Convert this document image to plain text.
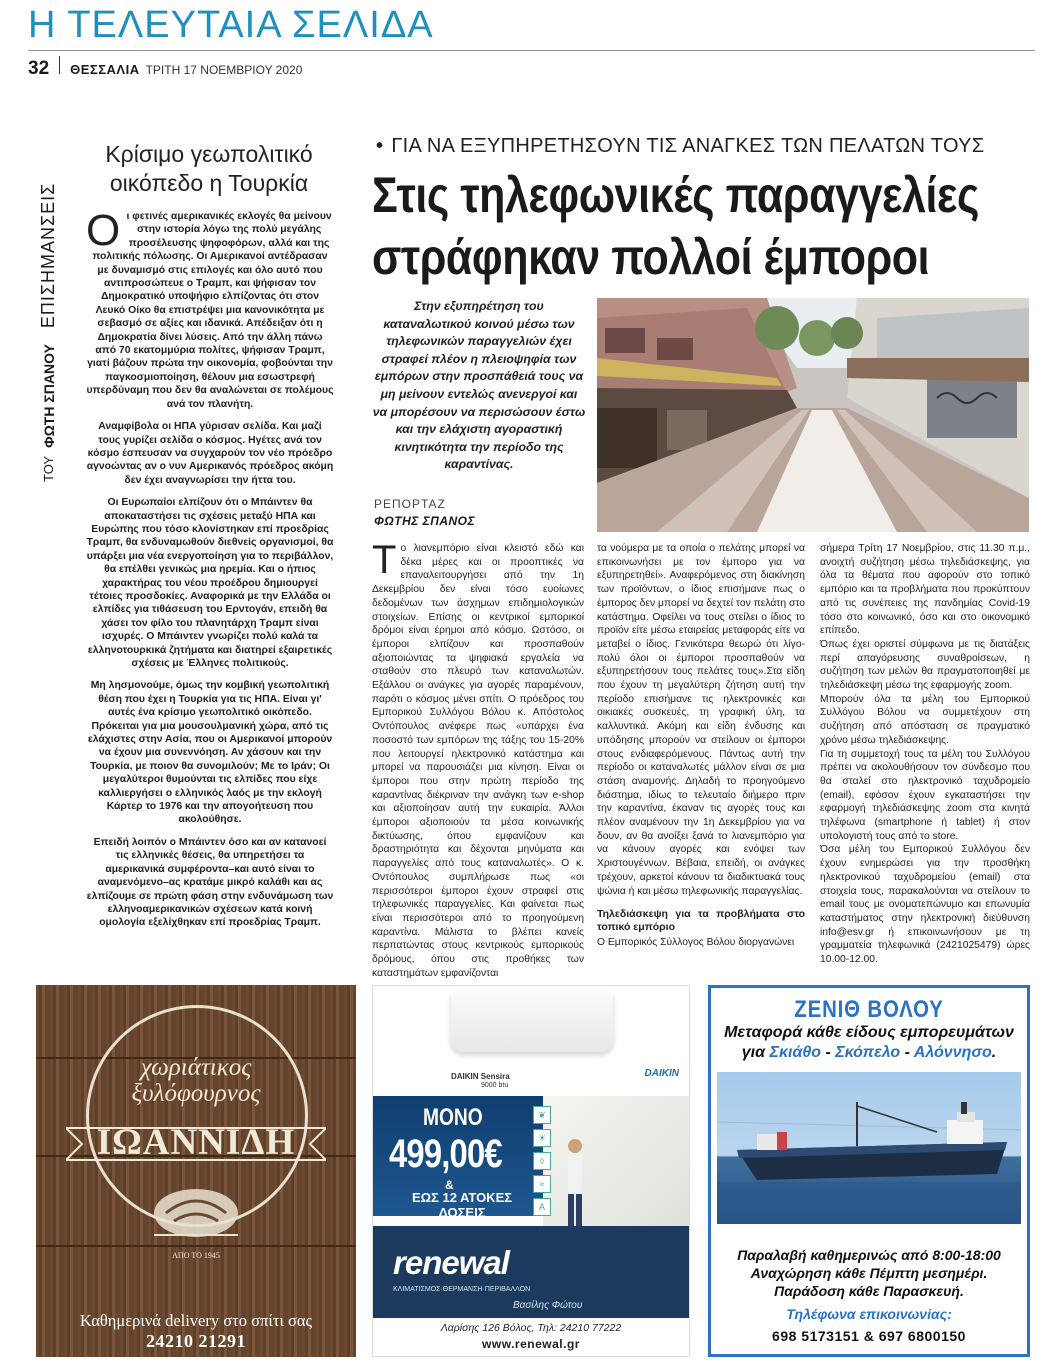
Η ΤΕΛΕΥΤΑΙΑ ΣΕΛΙΔΑ
32 ΘΕΣΣΑΛΙΑ ΤΡΙΤΗ 17 ΝΟΕΜΒΡΙΟΥ 2020
ΤΟΥ
ΦΩΤΗ ΣΠΑΝΟΥ
ΕΠΙΣΗΜΑΝΣΕΙΣ
Κρίσιμο γεωπολιτικό
οικόπεδο η Τουρκία

Οι φετινές αμερικανικές εκλογές θα μείνουν στην ιστορία λόγω της πολύ μεγάλης προσέλευσης ψηφοφόρων, αλλά και της πολιτικής πόλωσης. Οι Αμερικανοί αντέδρασαν με δυναμισμό στις επιλογές και όλο αυτό που αντιπροσώπευε ο Τραμπ, και ψήφισαν τον Δημοκρατικό υποψήφιο ελπίζοντας ότι στον Λευκό Οίκο θα επιστρέψει μια κανονικότητα με σεβασμό σε αξίες και ιδανικά. Απέδειξαν ότι η Δημοκρατία δίνει λύσεις. Από την άλλη πάνω από 70 εκατομμύρια πολίτες, ψήφισαν Τραμπ, γιατί βάζουν πρώτα την οικονομία, φοβούνται την παγκοσμιοποίηση, θέλουν μια εσωστρεφή υπερδύναμη που δεν θα αναλώνεται σε πολέμους ανά τον πλανήτη.

Αναμφίβολα οι ΗΠΑ γύρισαν σελίδα. Και μαζί τους γυρίζει σελίδα ο κόσμος. Ηγέτες ανά τον κόσμο έσπευσαν να συγχαρούν τον νέο πρόεδρο αγνοώντας αν ο νυν Αμερικανός πρόεδρος ακόμη δεν έχει αναγνωρίσει την ήττα του.

Οι Ευρωπαίοι ελπίζουν ότι ο Μπάιντεν θα αποκαταστήσει τις σχέσεις μεταξύ ΗΠΑ και Ευρώπης που τόσο κλονίστηκαν επί προεδρίας Τραμπ, θα ενδυναμωθούν διεθνείς οργανισμοί, θα υπάρξει μια νέα ενεργοποίηση για το περιβάλλον, θα επέλθει γενικώς μια ηρεμία. Και ο ήπιος χαρακτήρας του νέου προέδρου δημιουργεί τέτοιες προσδοκίες. Αναφορικά με την Ελλάδα οι ελπίδες για τιθάσευση του Ερντογάν, επειδή θα χάσει τον φίλο του πλανητάρχη Τραμπ είναι ισχυρές. Ο Μπάιντεν γνωρίζει πολύ καλά τα ελληνοτουρκικά ζητήματα και διατηρεί εξαιρετικές σχέσεις με Έλληνες πολιτικούς.

Μη λησμονούμε, όμως την κομβική γεωπολιτική θέση που έχει η Τουρκία για τις ΗΠΑ. Είναι γι' αυτές ένα κρίσιμο γεωπολιτικό οικόπεδο. Πρόκειται για μια μουσουλμανική χώρα, από τις ελάχιστες στην Ασία, που οι Αμερικανοί μπορούν να έχουν μια συνεννόηση. Αν χάσουν και την Τουρκία, με ποιον θα συνομιλούν; Με το Ιράν; Οι μεγαλύτεροι θυμούνται τις ελπίδες που είχε καλλιεργήσει ο ελληνικός λαός με την εκλογή Κάρτερ το 1976 και την απογοήτευση που ακολούθησε.

Επειδή λοιπόν ο Μπάιντεν όσο και αν κατανοεί τις ελληνικές θέσεις, θα υπηρετήσει τα αμερικανικά συμφέροντα–και αυτό είναι το αναμενόμενο–ας κρατάμε μικρό καλάθι και ας ελπίζουμε σε πρώτη φάση στην ενδυνάμωση των ελληνοαμερικανικών σχέσεων κατά κοινή ομολογία εξελίχθηκαν επί προεδρίας Τραμπ.

• ΓΙΑ ΝΑ ΕΞΥΠΗΡΕΤΗΣΟΥΝ ΤΙΣ ΑΝΑΓΚΕΣ ΤΩΝ ΠΕΛΑΤΩΝ ΤΟΥΣ
Στις τηλεφωνικές παραγγελίες
στράφηκαν πολλοί έμποροι
Στην εξυπηρέτηση του καταναλωτικού κοινού μέσω των τηλεφωνικών παραγγελιών έχει στραφεί πλέον η πλειοψηφία των εμπόρων στην προσπάθειά τους να μη μείνουν εντελώς ανενεργοί και να μπορέσουν να περισώσουν έστω και την ελάχιστη αγοραστική κινητικότητα την περίοδο της καραντίνας.
ΡΕΠΟΡΤΑΖ
ΦΩΤΗΣ ΣΠΑΝΟΣ
Το λιανεμπόριο είναι κλειστό εδώ και δέκα μέρες και οι προοπτικές να επαναλειτουργήσει από την 1η Δεκεμβρίου δεν είναι τόσο ευοίωνες δεδομένων των άσχημων επιδημιολογικών στοιχείων. Επίσης οι κεντρικοί εμπορικοί δρόμοι είναι έρημοι από κόσμο. Ωστόσο, οι έμποροι ελπίζουν και προσπαθούν αξιοποιώντας τα ψηφιακά εργαλεία να σταθούν στο πλευρό των καταναλωτών. Εξάλλου οι ανάγκες για αγορές παραμένουν, παρότι ο κόσμος μένει σπίτι. Ο πρόεδρος του Εμπορικού Συλλόγου Βόλου κ. Απόστολος Οντόπουλος ανέφερε πως «υπάρχει ένα ποσοστό των εμπόρων της τάξης του 15-20% που λειτουργεί ηλεκτρονικό κατάστημα και μπορεί να παρουσιάζει μια κίνηση. Είναι οι έμποροι που στην πρώτη περίοδο της καραντίνας διέκριναν την ανάγκη των e-shop και αξιοποίησαν αυτή την ευκαιρία. Άλλοι έμποροι αξιοποιούν τα μέσα κοινωνικής δικτύωσης, όπου εμφανίζουν και δραστηριότητα και δέχονται μηνύματα και παραγγελίες από τους καταναλωτές». Ο κ. Οντόπουλος συμπλήρωσε πως «οι περισσότεροι έμποροι έχουν στραφεί στις τηλεφωνικές παραγγελίες. Και φαίνεται πως είναι περισσότεροι από το προηγούμενη καραντίνα. Μάλιστα το βλέπει κανείς περπατώντας στους κεντρικούς εμπορικούς δρόμους, όπου στις προθήκες των καταστημάτων εμφανίζονται
τα νούμερα με τα οποία ο πελάτης μπορεί να επικοινωνήσει με τον έμπορο για να εξυπηρετηθεί». Αναφερόμενος στη διακίνηση των προϊόντων, ο ίδιος επισήμανε πως ο έμπορος δεν μπορεί να δεχτεί τον πελάτη στο κατάστημα. Οφείλει να τους στείλει ο ίδιος το προϊόν είτε μέσω εταιρείας μεταφοράς είτε να μεταβεί ο ίδιος. Γενικότερα θεωρώ ότι λίγο-πολύ όλοι οι έμποροι προσπαθούν να εξυπηρετήσουν τους πελάτες τους».Στα είδη που έχουν τη μεγαλύτερη ζήτηση αυτή την περίοδο επισήμανε τις ηλεκτρονικές και οικιακές συσκευές, τη γραφική ύλη, τα καλλυντικά. Ακόμη και είδη ένδυσης και υπόδησης μπορούν να στείλουν οι έμποροι στους ενδιαφερόμενους. Πάντως αυτή την περίοδο οι καταναλωτές μάλλον είναι σε μια στάση αναμονής. Δηλαδή το προηγούμενο διάστημα, ιδίως το τελευταίο διήμερο πριν την καραντίνα, έκαναν τις αγορές τους και πλέον αναμένουν την 1η Δεκεμβρίου για να δουν, αν θα ανοίξει ξανά το λιανεμπόριο για να κάνουν αγορές και ενόψει των Χριστουγέννων. Βέβαια, επειδή, οι ανάγκες τρέχουν, αρκετοί κάνουν τα διαδικτυακά τους ψώνια ή και μέσω τηλεφωνικής παραγγελίας.
Τηλεδιάσκεψη για τα προβλήματα στο τοπικό εμπόριο
Ο Εμπορικός Σύλλογος Βόλου διοργανώνει
σήμερα Τρίτη 17 Νοεμβρίου, στις 11.30 π.μ., ανοιχτή συζήτηση μέσω τηλεδιάσκεψης, για όλα τα θέματα που αφορούν στο τοπικό εμπόριο και τα προβλήματα που προκύπτουν από τις συνέπειες της πανδημίας Covid-19 τόσο στο κοινωνικό, όσο και στο οικονομικό επίπεδο.
Όπως έχει οριστεί σύμφωνα με τις διατάξεις περί απαγόρευσης συναθροίσεων, η συζήτηση των μελών θα πραγματοποιηθεί με τηλεδιάσκεψη μέσω της εφαρμογής zoom.
Μπορούν όλα τα μέλη του Εμπορικού Συλλόγου Βόλου να συμμετέχουν στη συζήτηση από απόσταση σε πραγματικό χρόνο μέσω τηλεδιάσκεψης.
Για τη συμμετοχή τους τα μέλη του Συλλόγου πρέπει να ακολουθήσουν τον σύνδεσμο που θα σταλεί στο ηλεκτρονικό ταχυδρομείο (email), εφόσον έχουν εγκαταστήσει την εφαρμογή τηλεδιάσκεψης zoom στα κινητά τηλέφωνα (smartphone ή tablet) ή στον υπολογιστή τους από το store.
Όσα μέλη του Εμπορικού Συλλόγου δεν έχουν ενημερώσει για την προσθήκη ηλεκτρονικού ταχυδρομείου (email) στα στοιχεία τους, παρακαλούνται να στείλουν το email τους με ονοματεπώνυμο και επωνυμία καταστήματος στην ηλεκτρονική διεύθυνση info@esv.gr ή επικοινωνήσουν με τη γραμματεία τηλεφωνικά (2421025479) ώρες 10.00-12.00.
χωριάτικος
ξυλόφουρνος
ΙΩΑΝΝΙΔΗ
ΑΠΟ ΤΟ 1945
Καθημερινά delivery στο σπίτι σας
24210 21291
DAIKIN Sensira
9000 btu
DAIKIN
❦
☀
◊
≈
A
ΜΟΝΟ
499,00€
&
ΕΩΣ 12 ΑΤΟΚΕΣ ΔΟΣΕΙΣ
renewal
ΚΛΙΜΑΤΙΣΜΟΣ·ΘΕΡΜΑΝΣΗ·ΠΕΡΙΒΑΛΛΟΝ
Βασίλης Φώτου
Λαρίσης 126 Βόλος, Τηλ: 24210 77222
www.renewal.gr
ΖΕΝΙΘ ΒΟΛΟΥ
Μεταφορά κάθε είδους εμπορευμάτων
για Σκιάθο - Σκόπελο - Αλόννησο.
Παραλαβή καθημερινώς από 8:00-18:00
Αναχώρηση κάθε Πέμπτη μεσημέρι.
Παράδοση κάθε Παρασκευή.
Τηλέφωνα επικοινωνίας:
698 5173151 & 697 6800150
